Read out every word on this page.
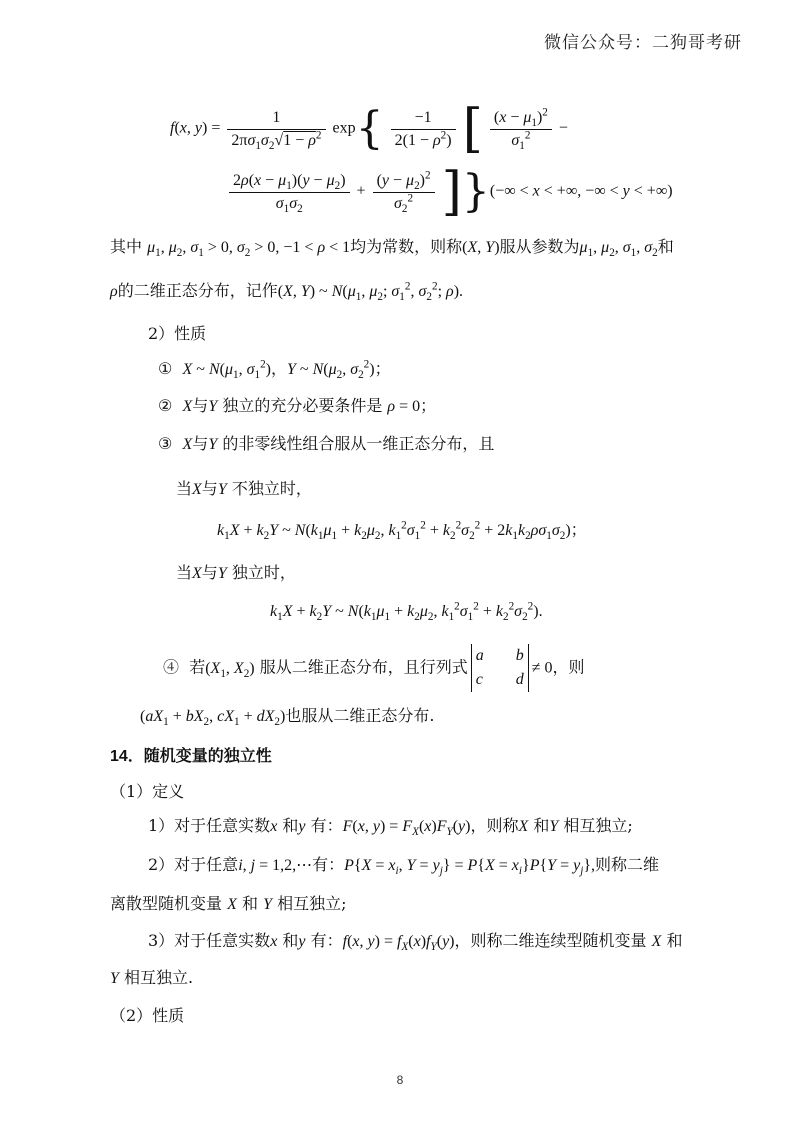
微信公众号：二狗哥考研
f(x, $y) = \frac{1}{2\pi\sigma_1\sigma_2√1 - \rho^2} \exp\{ \frac{-1}{2(1 - \rho^2)}$ [ $\frac{(x - \mu_1)^2}{\sigma_1^2}$ −
$\frac{2\rho(x - \mu_1)(y - \mu_2)}{\sigma_1\sigma_2} + \frac{(y - \mu_2)^2}{\sigma_2^2}$ ]}(−∞ < x < +∞, −∞ < y < +∞)
其中 $\mu_1$, $\mu_2$, $\sigma_1 > 0$, $\sigma_2 > 0$, −1 < ρ < 1均为常数，则称(X, Y)服从参数为$\mu_1$, $\mu_2$, $\sigma_1$, $\sigma_2$和
ρ的二维正态分布，记作(X, Y) ~ $N(\mu_1$, $\mu_2$; $\sigma_1^2$, $\sigma_2^2$; ρ).
2）性质
① X ~ $N(\mu_1$, $\sigma_1^2$)，Y ~ $N(\mu_2$, $\sigma_2^2$)；
② X与Y 独立的充分必要条件是 ρ = 0；
③ X与Y 的非零线性组合服从一维正态分布，且
当X与Y 不独立时，
$k_1X + k_2Y$ ~ $N(k_1\mu_1 + k_2\mu_2$, $k_1^2\sigma_1^2 + k_2^2\sigma_2^2 + 2k_1k_2\rho\sigma_1\sigma_2$)；
当X与Y 独立时，
$k_1X + k_2Y$ ~ $N(k_1\mu_1 + k_2\mu_2$, $k_1^2\sigma_1^2 + k_2^2\sigma_2^2$).
④ 若($X_1$, $X_2$) 服从二维正态分布，且行列式a b
c d≠ 0，则
($aX_1 + bX_2$, $cX_1 + dX_2$)也服从二维正态分布.
14．随机变量的独立性
（1）定义
1）对于任意实数x 和y 有：F(x, $y) = F_X(x)F_Y(y)$，则称X 和Y 相互独立;
2）对于任意i, j = 1,2,⋯有：$P\{X = x_i$, $Y = y_j\} = P\{X = x_i\}P\{Y = y_j\}$,则称二维
离散型随机变量 X 和 Y 相互独立;
3）对于任意实数x 和y 有：f(x, $y) = f_X(x)f_Y(y)$，则称二维连续型随机变量 X 和
Y 相互独立.
（2）性质
8
